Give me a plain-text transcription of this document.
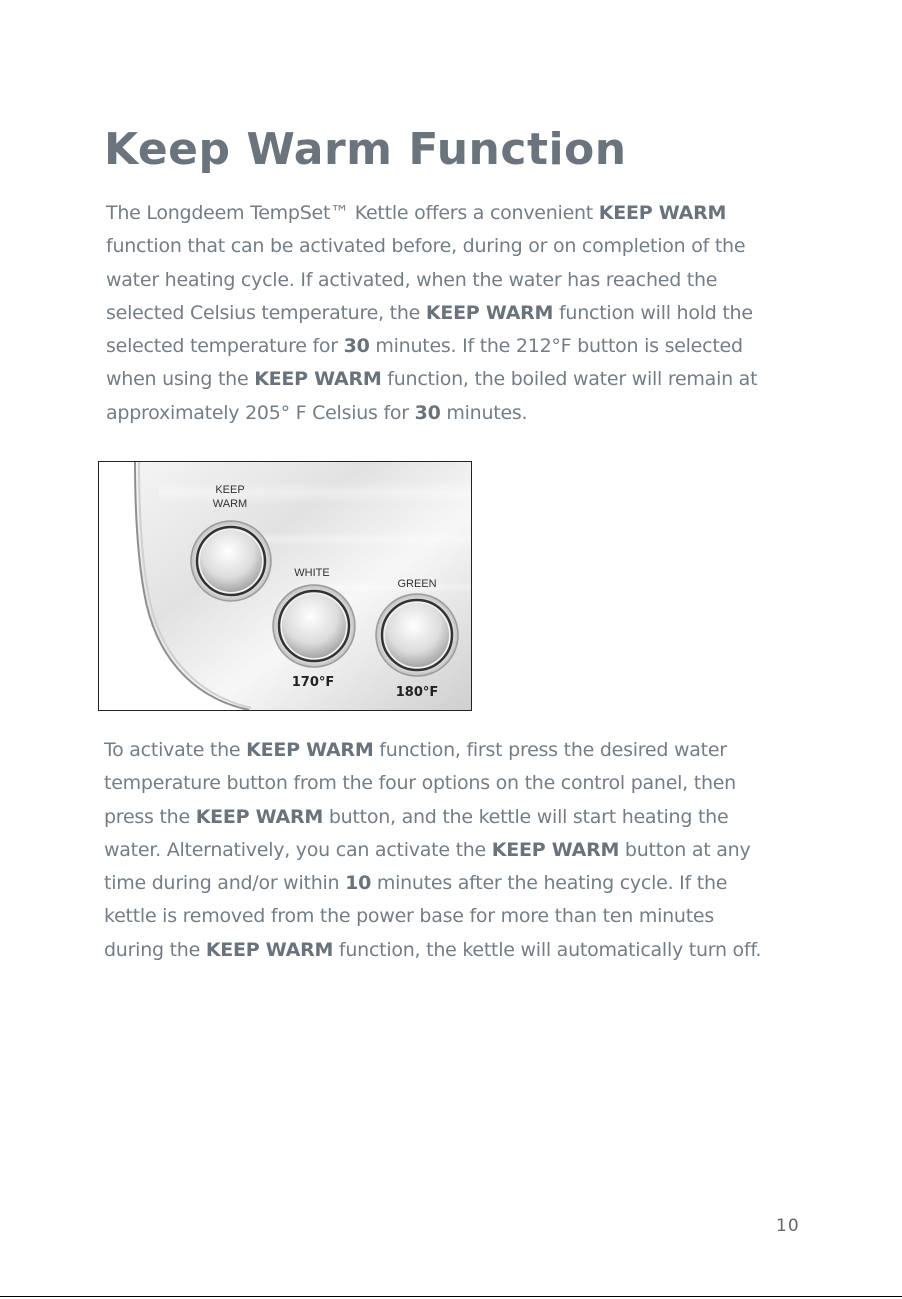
Keep Warm Function

The Longdeem TempSet™ Kettle offers a convenient KEEP WARM
function that can be activated before, during or on completion of the
water heating cycle. If activated, when the water has reached the
selected Celsius temperature, the KEEP WARM function will hold the
selected temperature for 30 minutes. If the 212°F button is selected
when using the KEEP WARM function, the boiled water will remain at
approximately 205° F Celsius for 30 minutes.

KEEP
WARM
WHITE
170°F
GREEN
180°F

To activate the KEEP WARM function, first press the desired water
temperature button from the four options on the control panel, then
press the KEEP WARM button, and the kettle will start heating the
water. Alternatively, you can activate the KEEP WARM button at any
time during and/or within 10 minutes after the heating cycle. If the
kettle is removed from the power base for more than ten minutes
during the KEEP WARM function, the kettle will automatically turn off.

10
